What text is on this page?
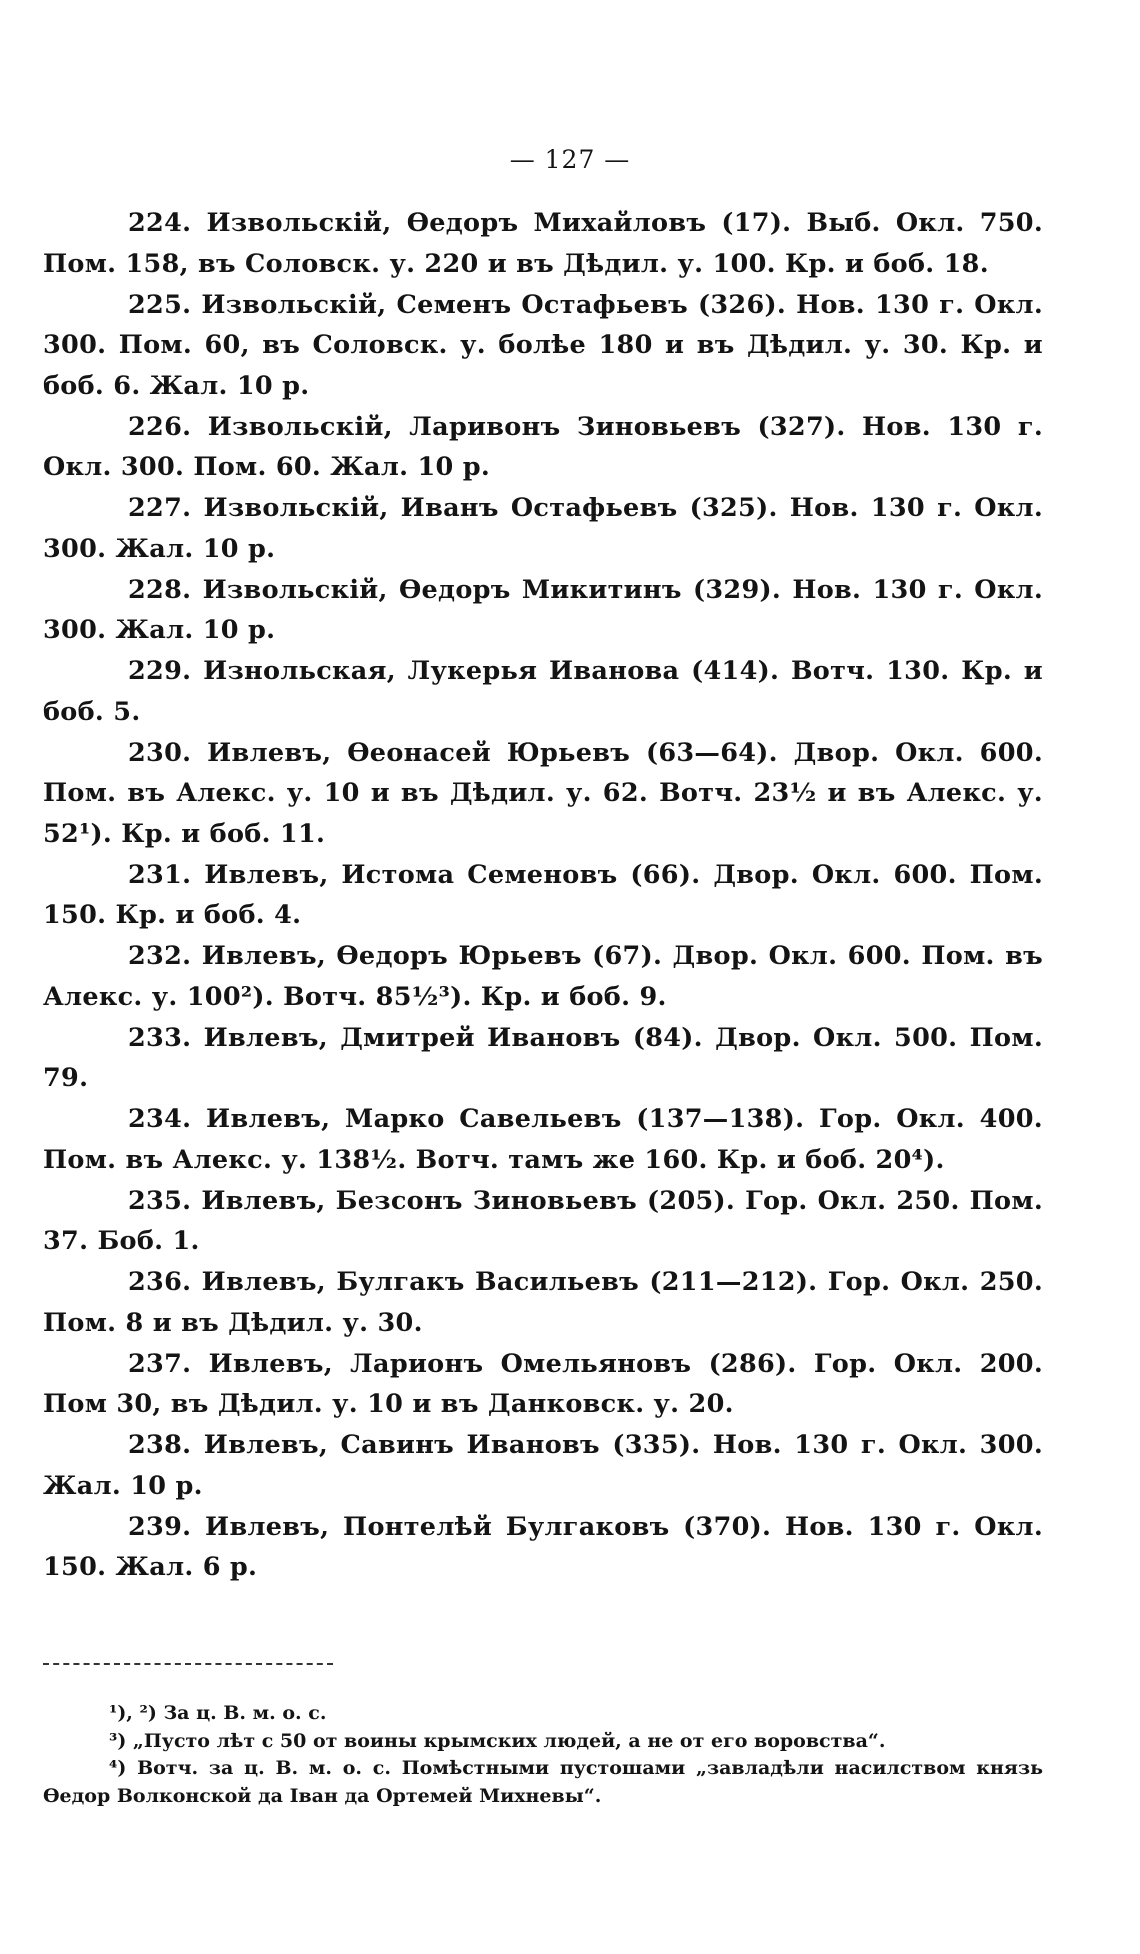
— 127 —

224. Извольскій, Ѳедоръ Михайловъ (17). Выб. Окл. 750. Пом. 158, въ Соловск. у. 220 и въ Дѣдил. у. 100. Кр. и боб. 18.

225. Извольскій, Семенъ Остафьевъ (326). Нов. 130 г. Окл. 300. Пом. 60, въ Соловск. у. болѣе 180 и въ Дѣдил. у. 30. Кр. и боб. 6. Жал. 10 р.

226. Извольскій, Ларивонъ Зиновьевъ (327). Нов. 130 г. Окл. 300. Пом. 60. Жал. 10 р.

227. Извольскій, Иванъ Остафьевъ (325). Нов. 130 г. Окл. 300. Жал. 10 р.

228. Извольскій, Ѳедоръ Микитинъ (329). Нов. 130 г. Окл. 300. Жал. 10 р.

229. Изнольская, Лукерья Иванова (414). Вотч. 130. Кр. и боб. 5.

230. Ивлевъ, Ѳеонасей Юрьевъ (63—64). Двор. Окл. 600. Пом. въ Алекс. у. 10 и въ Дѣдил. у. 62. Вотч. 23½ и въ Алекс. у. 52¹). Кр. и боб. 11.

231. Ивлевъ, Истома Семеновъ (66). Двор. Окл. 600. Пом. 150. Кр. и боб. 4.

232. Ивлевъ, Ѳедоръ Юрьевъ (67). Двор. Окл. 600. Пом. въ Алекс. у. 100²). Вотч. 85½³). Кр. и боб. 9.

233. Ивлевъ, Дмитрей Ивановъ (84). Двор. Окл. 500. Пом. 79.

234. Ивлевъ, Марко Савельевъ (137—138). Гор. Окл. 400. Пом. въ Алекс. у. 138½. Вотч. тамъ же 160. Кр. и боб. 20⁴).

235. Ивлевъ, Безсонъ Зиновьевъ (205). Гор. Окл. 250. Пом. 37. Боб. 1.

236. Ивлевъ, Булгакъ Васильевъ (211—212). Гор. Окл. 250. Пом. 8 и въ Дѣдил. у. 30.

237. Ивлевъ, Ларионъ Омельяновъ (286). Гор. Окл. 200. Пом 30, въ Дѣдил. у. 10 и въ Данковск. у. 20.

238. Ивлевъ, Савинъ Ивановъ (335). Нов. 130 г. Окл. 300. Жал. 10 р.

239. Ивлевъ, Понтелѣй Булгаковъ (370). Нов. 130 г. Окл. 150. Жал. 6 р.

¹), ²) За ц. В. м. о. с.

³) „Пусто лѣт с 50 от воины крымских людей, а не от его воровства“.

⁴) Вотч. за ц. В. м. о. с. Помѣстными пустошами „завладѣли насилством князь Ѳедор Волконской да Іван да Ортемей Михневы“.
